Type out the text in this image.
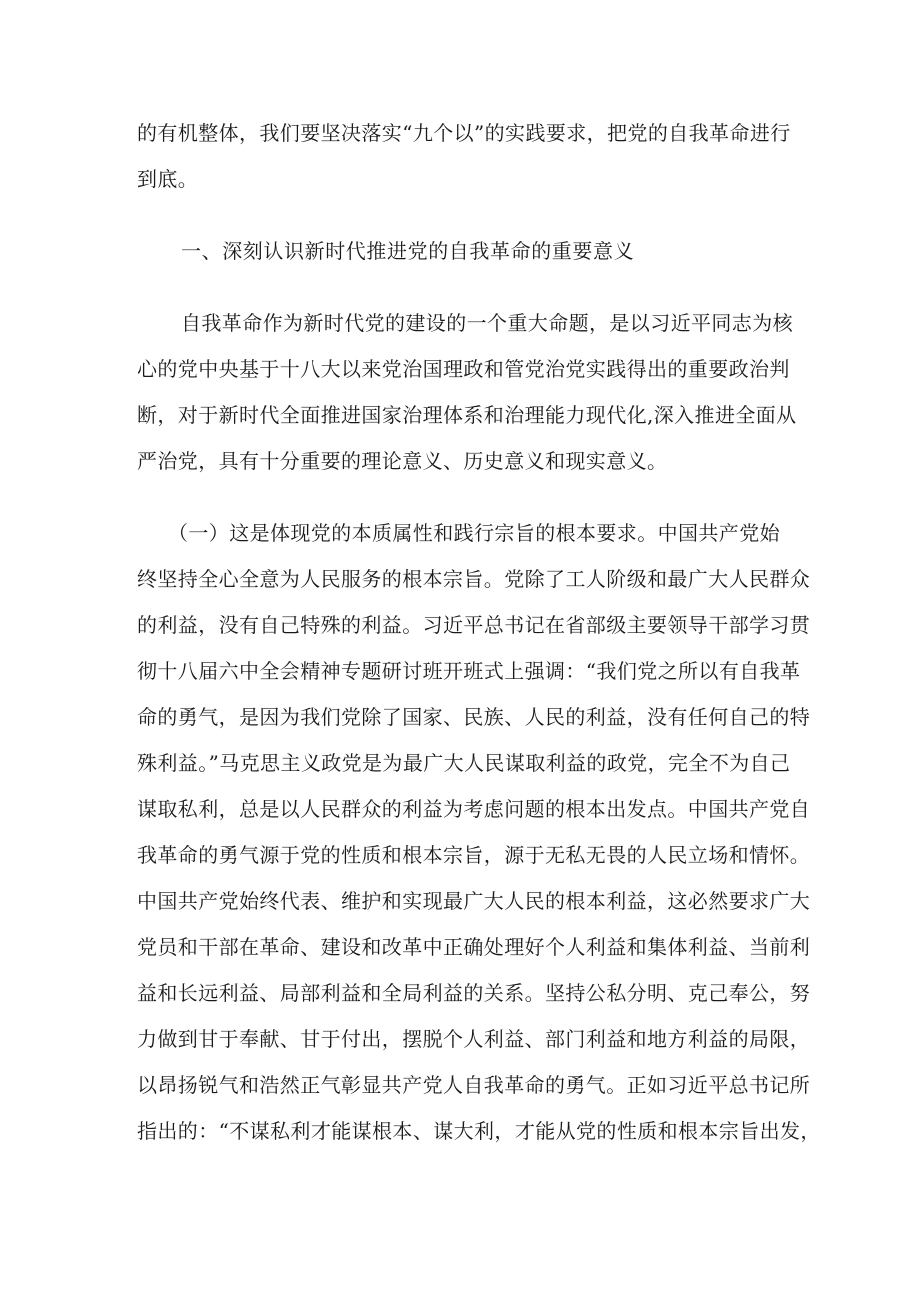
的有机整体，我们要坚决落实“九个以”的实践要求，把党的自我革命进行
到底。
一、深刻认识新时代推进党的自我革命的重要意义
自我革命作为新时代党的建设的一个重大命题，是以习近平同志为核
心的党中央基于十八大以来党治国理政和管党治党实践得出的重要政治判
断，对于新时代全面推进国家治理体系和治理能力现代化,深入推进全面从
严治党，具有十分重要的理论意义、历史意义和现实意义。
（一）这是体现党的本质属性和践行宗旨的根本要求。中国共产党始
终坚持全心全意为人民服务的根本宗旨。党除了工人阶级和最广大人民群众
的利益，没有自己特殊的利益。习近平总书记在省部级主要领导干部学习贯
彻十八届六中全会精神专题研讨班开班式上强调：“我们党之所以有自我革
命的勇气，是因为我们党除了国家、民族、人民的利益，没有任何自己的特
殊利益。”马克思主义政党是为最广大人民谋取利益的政党，完全不为自己
谋取私利，总是以人民群众的利益为考虑问题的根本出发点。中国共产党自
我革命的勇气源于党的性质和根本宗旨，源于无私无畏的人民立场和情怀。
中国共产党始终代表、维护和实现最广大人民的根本利益，这必然要求广大
党员和干部在革命、建设和改革中正确处理好个人利益和集体利益、当前利
益和长远利益、局部利益和全局利益的关系。坚持公私分明、克己奉公，努
力做到甘于奉献、甘于付出，摆脱个人利益、部门利益和地方利益的局限，
以昂扬锐气和浩然正气彰显共产党人自我革命的勇气。正如习近平总书记所
指出的：“不谋私利才能谋根本、谋大利，才能从党的性质和根本宗旨出发，
